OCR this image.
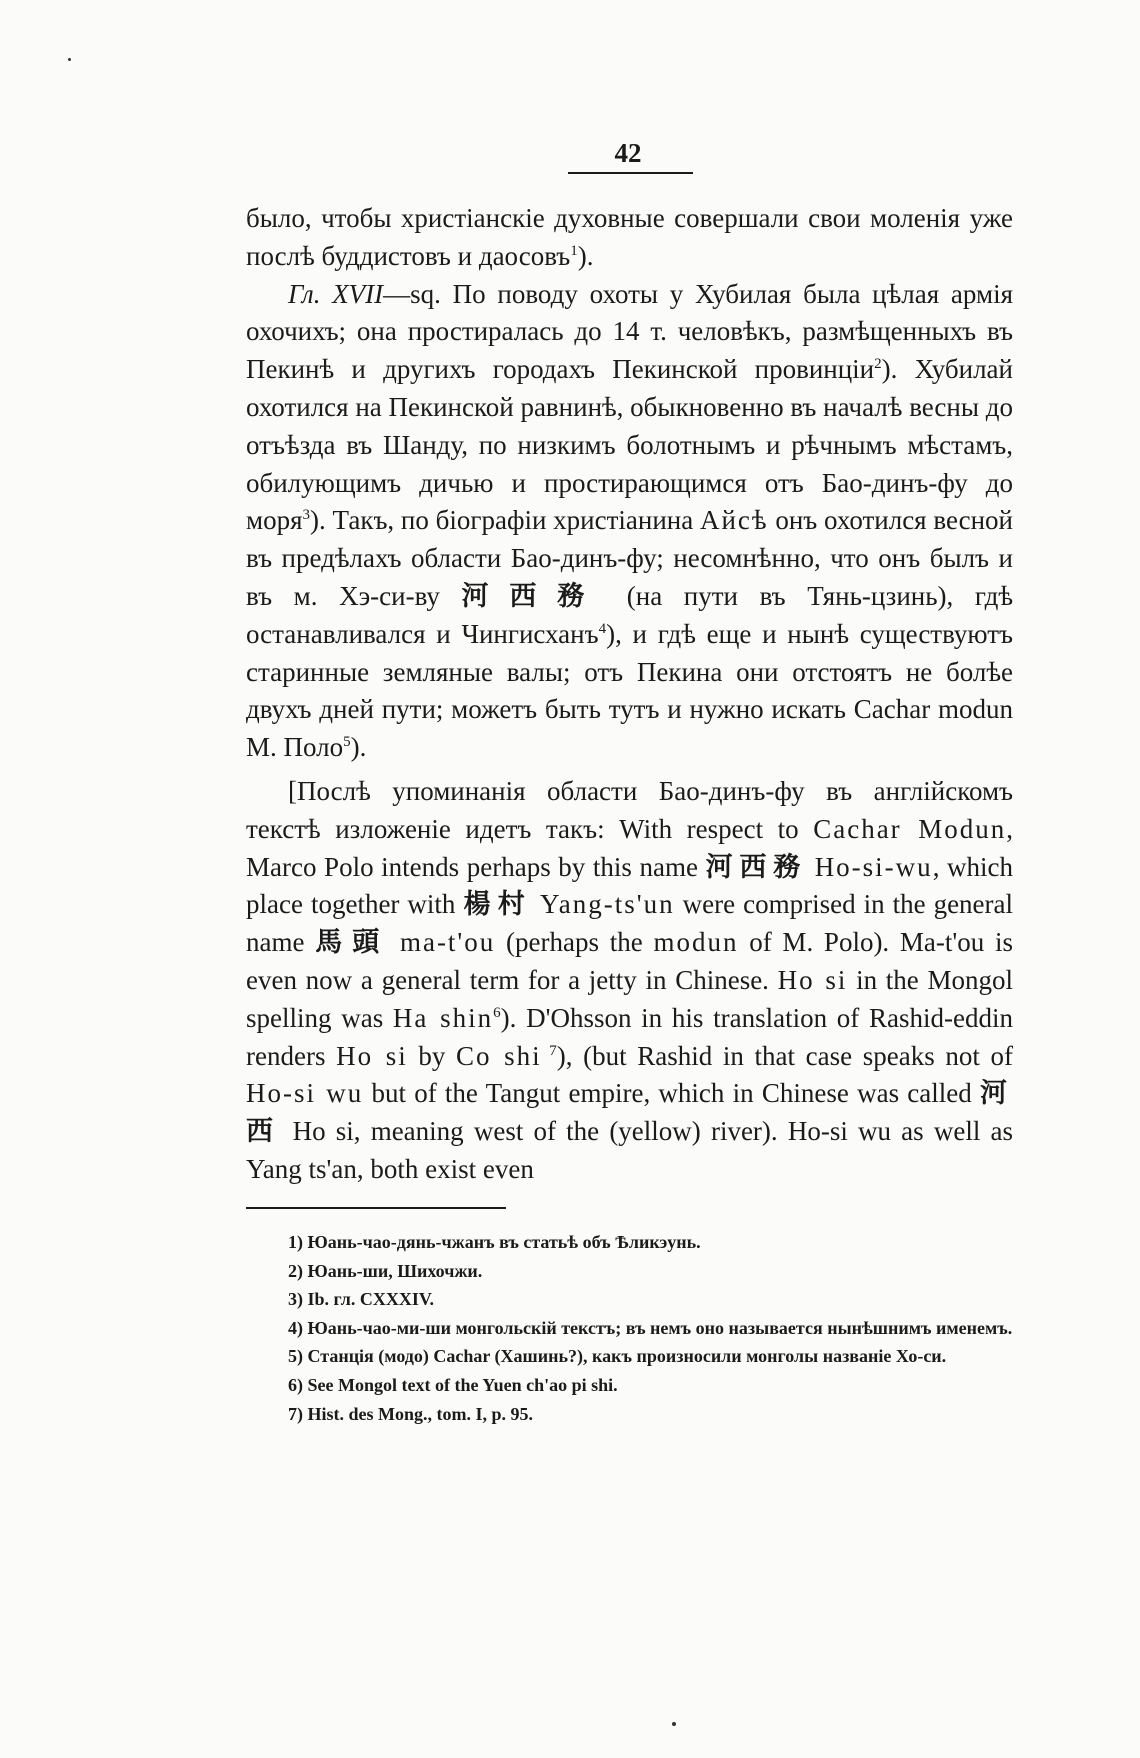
42

было, чтобы христіанскіе духовные совершали свои моленія уже послѣ буддистовъ и даосовъ$^1$).

Гл. XVII—sq. По поводу охоты у Хубилая была цѣлая армія охочихъ; она простиралась до 14 т. человѣкъ, размѣщенныхъ въ Пекинѣ и другихъ городахъ Пекинской провинціи$^2$). Хубилай охотился на Пекинской равнинѣ, обыкновенно въ началѣ весны до отъѣзда въ Шанду, по низкимъ болотнымъ и рѣчнымъ мѣстамъ, обилующимъ дичью и простирающимся отъ Бао-динъ-фу до моря$^3$). Такъ, по біографіи христіанина Айсѣ онъ охотился весной въ предѣлахъ области Бао-динъ-фу; несомнѣнно, что онъ былъ и въ м. Хэ-си-ву 河西務 (на пути въ Тянь-цзинь), гдѣ останавливался и Чингисханъ$^4$), и гдѣ еще и нынѣ существуютъ старинные земляные валы; отъ Пекина они отстоятъ не болѣе двухъ дней пути; можетъ быть тутъ и нужно искать Cachar modun М. Поло$^5$).

[Послѣ упоминанія области Бао-динъ-фу въ англійскомъ текстѣ изложеніе идетъ такъ: With respect to Cachar Modun, Marco Polo intends perhaps by this name 河西務 Ho-si-wu, which place together with 楊村 Yang-ts'un were comprised in the general name 馬頭 ma-t'ou (perhaps the modun of M. Polo). Ma-t'ou is even now a general term for a jetty in Chinese. Ho si in the Mongol spelling was Ha shin$^6$). D'Ohsson in his translation of Rashid-eddin renders Ho si by Co shi $^7$), (but Rashid in that case speaks not of Ho-si wu but of the Tangut empire, which in Chinese was called 河西 Ho si, meaning west of the (yellow) river). Ho-si wu as well as Yang ts'an, both exist even

1) Юань-чао-дянь-чжанъ въ статьѣ объ Ѣликэунь.

2) Юань-ши, Шихочжи.

3) Ib. гл. CXXXIV.

4) Юань-чао-ми-ши монгольскій текстъ; въ немъ оно называется нынѣшнимъ именемъ.

5) Станція (модо) Cachar (Хашинь?), какъ произносили монголы названіе Хо-си.

6) See Mongol text of the Yuen ch'ao pi shi.

7) Hist. des Mong., tom. I, p. 95.
